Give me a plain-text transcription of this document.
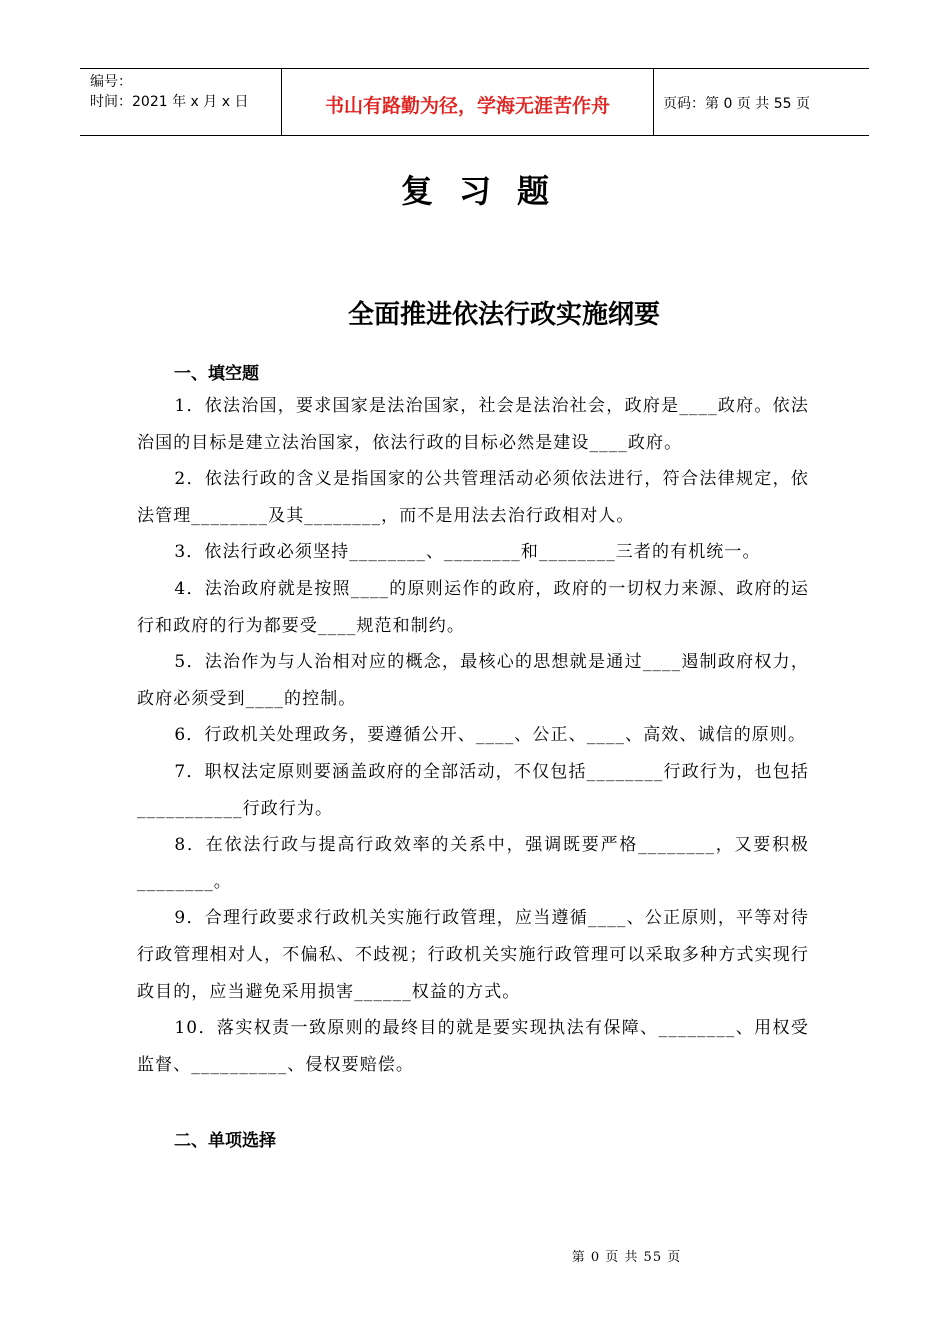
编号：
时间：2021 年 x 月 x 日	书山有路勤为径，学海无涯苦作舟	页码：第 0 页 共 55 页
复习题
全面推进依法行政实施纲要
一、填空题

1．依法治国，要求国家是法治国家，社会是法治社会，政府是____政府。依法治国的目标是建立法治国家，依法行政的目标必然是建设____政府。

2．依法行政的含义是指国家的公共管理活动必须依法进行，符合法律规定，依法管理________及其________，而不是用法去治行政相对人。

3．依法行政必须坚持________、________和________三者的有机统一。

4．法治政府就是按照____的原则运作的政府，政府的一切权力来源、政府的运行和政府的行为都要受____规范和制约。

5．法治作为与人治相对应的概念，最核心的思想就是通过____遏制政府权力，政府必须受到____的控制。

6．行政机关处理政务，要遵循公开、____、公正、____、高效、诚信的原则。

7．职权法定原则要涵盖政府的全部活动，不仅包括________行政行为，也包括___________行政行为。

8．在依法行政与提高行政效率的关系中，强调既要严格________，又要积极________。

9．合理行政要求行政机关实施行政管理，应当遵循____、公正原则，平等对待行政管理相对人，不偏私、不歧视；行政机关实施行政管理可以采取多种方式实现行政目的，应当避免采用损害______权益的方式。

10．落实权责一致原则的最终目的就是要实现执法有保障、________、用权受监督、__________、侵权要赔偿。

二、单项选择
第 0 页 共 55 页
